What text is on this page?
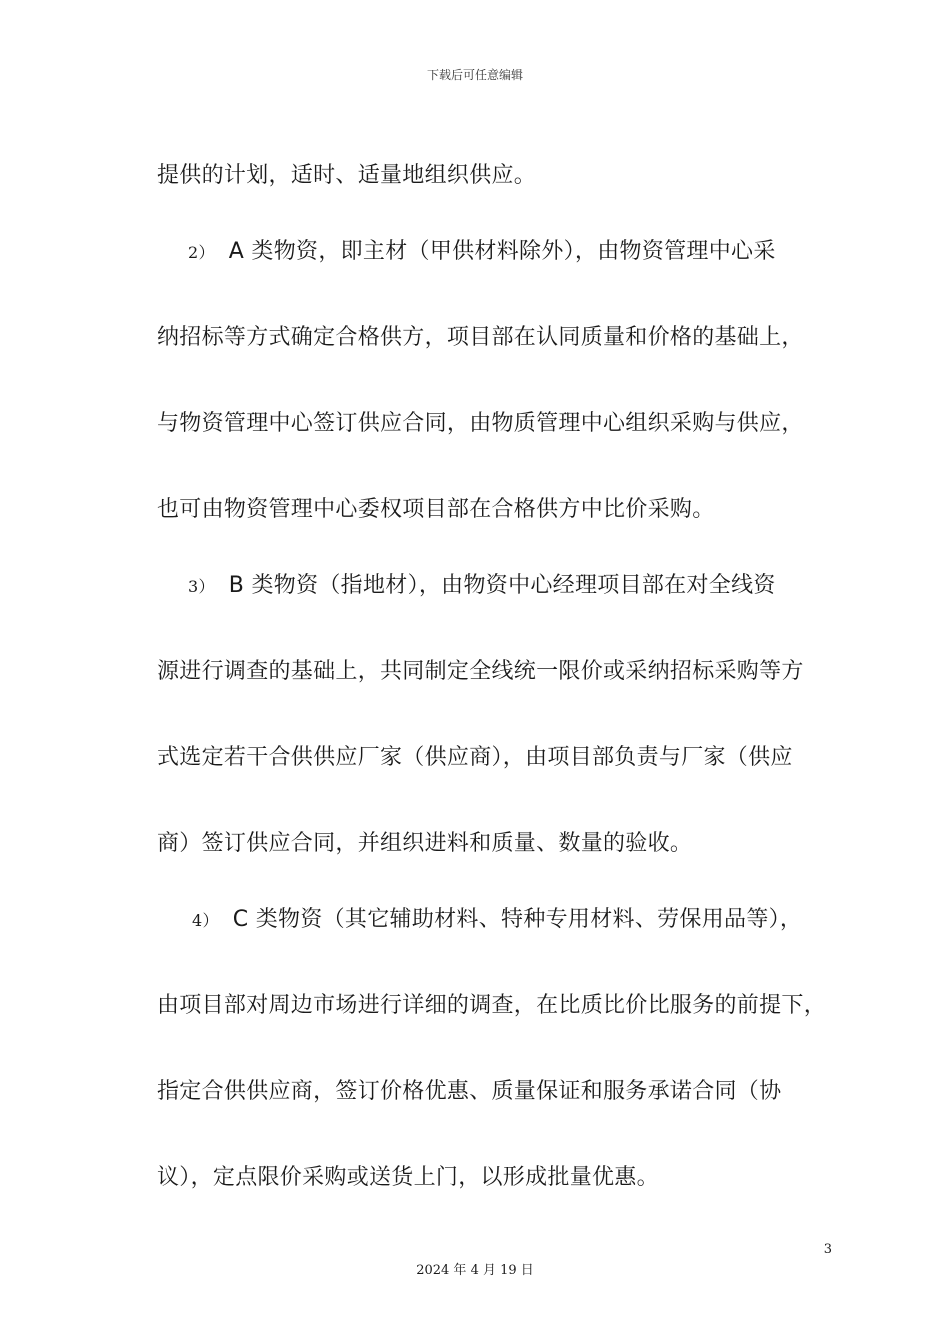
下载后可任意编辑
提供的计划，适时、适量地组织供应。
2） A 类物资，即主材（甲供材料除外），由物资管理中心采
纳招标等方式确定合格供方，项目部在认同质量和价格的基础上，
与物资管理中心签订供应合同，由物质管理中心组织采购与供应，
也可由物资管理中心委权项目部在合格供方中比价采购。
3） B 类物资（指地材），由物资中心经理项目部在对全线资
源进行调查的基础上，共同制定全线统一限价或采纳招标采购等方
式选定若干合供供应厂家（供应商），由项目部负责与厂家（供应
商）签订供应合同，并组织进料和质量、数量的验收。
4） C 类物资（其它辅助材料、特种专用材料、劳保用品等），
由项目部对周边市场进行详细的调查，在比质比价比服务的前提下，
指定合供供应商，签订价格优惠、质量保证和服务承诺合同（协
议），定点限价采购或送货上门，以形成批量优惠。
3
2024 年 4 月 19 日
